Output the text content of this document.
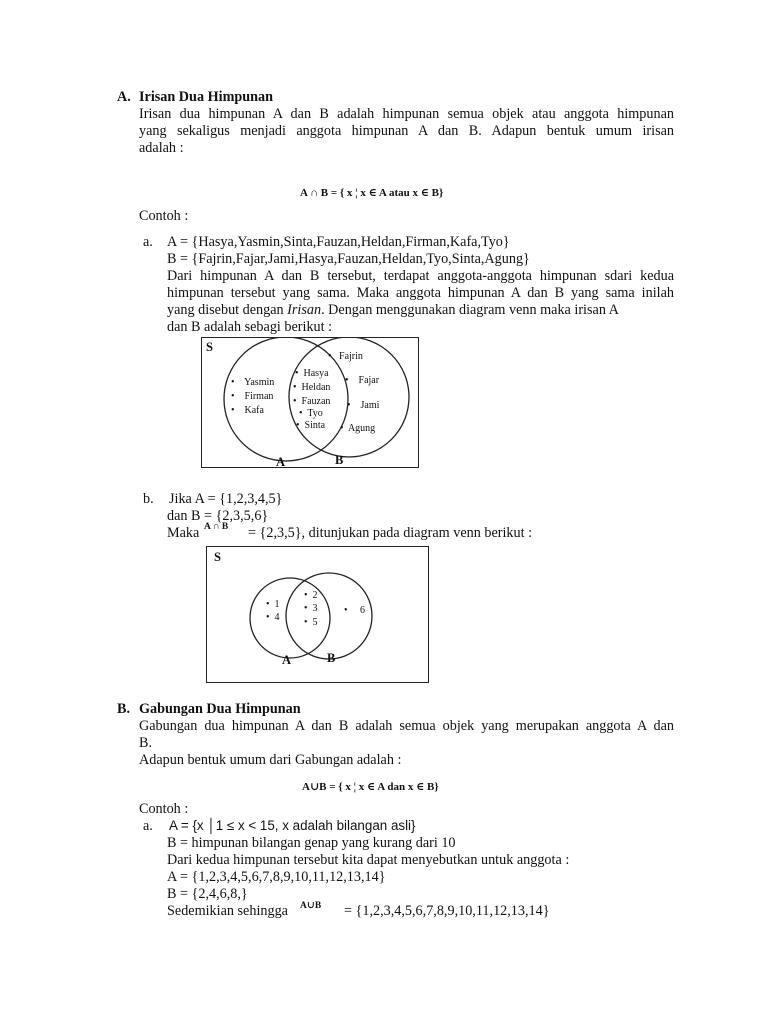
A. Irisan Dua Himpunan
Irisan dua himpunan A dan B adalah himpunan semua objek atau anggota himpunan
yang sekaligus menjadi anggota himpunan A dan B. Adapun bentuk umum irisan
adalah :
A ∩ B = { x ¦ x ∈ A atau x ∈ B}
Contoh :
a. A = {Hasya,Yasmin,Sinta,Fauzan,Heldan,Firman,Kafa,Tyo}
B = {Fajrin,Fajar,Jami,Hasya,Fauzan,Heldan,Tyo,Sinta,Agung}
Dari himpunan A dan B tersebut, terdapat anggota-anggota himpunan sdari kedua
himpunan tersebut yang sama. Maka anggota himpunan A dan B yang sama inilah
yang disebut dengan Irisan. Dengan menggunakan diagram venn maka irisan A
dan B adalah sebagi berikut :
S
A	B
•    Yasmin
•    Firman
•    Kafa
•  Hasya
•  Heldan
•  Fauzan
•  Tyo
•  Sinta
•   Fajrin
•    Fajar
•    Jami
•  Agung
b. Jika A = {1,2,3,4,5}
dan B = {2,3,5,6}
Maka A ∩ B = {2,3,5}, ditunjukan pada diagram venn berikut :
S
A	B
•  1
•  4
•  2
•  3
•  5
•     6
B. Gabungan Dua Himpunan
Gabungan dua himpunan A dan B adalah semua objek yang merupakan anggota A dan
B.
Adapun bentuk umum dari Gabungan adalah :
A∪B = { x ¦ x ∈ A dan x ∈ B}
Contoh :
a. A = {x │1 ≤ x < 15, x adalah bilangan asli}
B = himpunan bilangan genap yang kurang dari 10
Dari kedua himpunan tersebut kita dapat menyebutkan untuk anggota :
A = {1,2,3,4,5,6,7,8,9,10,11,12,13,14}
B = {2,4,6,8,}
Sedemikian sehingga A∪B = {1,2,3,4,5,6,7,8,9,10,11,12,13,14}
